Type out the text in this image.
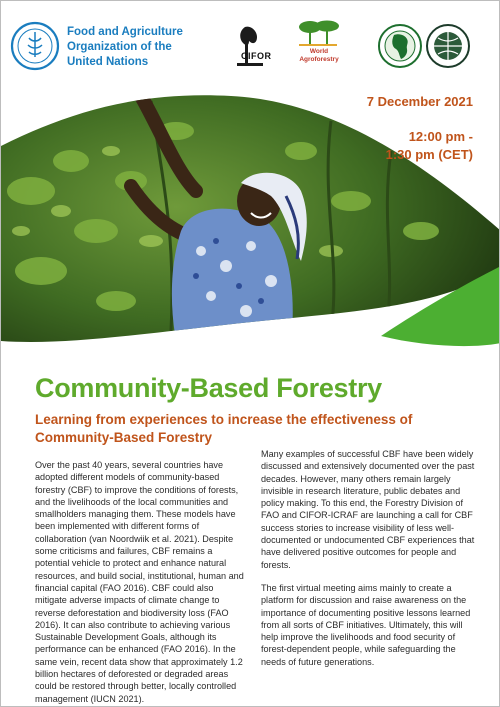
Food and Agriculture
Organization of the
United Nations	CIFOR	World
Agroforestry
7 December 2021
12:00 pm -
1:30 pm (CET)
Community-Based Forestry
Learning from experiences to increase the effectiveness of Community-Based Forestry

Over the past 40 years, several countries have adopted different models of community-based forestry (CBF) to improve the conditions of forests, and the livelihoods of the local communities and smallholders managing them. These models have been implemented with different forms of collaboration (van Noordwiik et al. 2021). Despite some criticisms and failures, CBF remains a potential vehicle to protect and enhance natural resources, and build social, institutional, human and financial capital (FAO 2016). CBF could also mitigate adverse impacts of climate change to reverse deforestation and biodiversity loss (FAO 2016). It can also contribute to achieving various Sustainable Development Goals, although its performance can be enhanced (FAO 2016). In the same vein, recent data show that approximately 1.2 billion hectares of deforested or degraded areas could be restored through better, locally controlled management (IUCN 2021).

Many examples of successful CBF have been widely discussed and extensively documented over the past decades. However, many others remain largely invisible in research literature, public debates and policy making. To this end, the Forestry Division of FAO and CIFOR-ICRAF are launching a call for CBF success stories to increase visibility of less well-documented or undocumented CBF experiences that have delivered positive outcomes for people and forests.

The first virtual meeting aims mainly to create a platform for discussion and raise awareness on the importance of documenting positive lessons learned from all sorts of CBF initiatives. Ultimately, this will help improve the livelihoods and food security of forest-dependent people, while safeguarding the needs of future generations.
